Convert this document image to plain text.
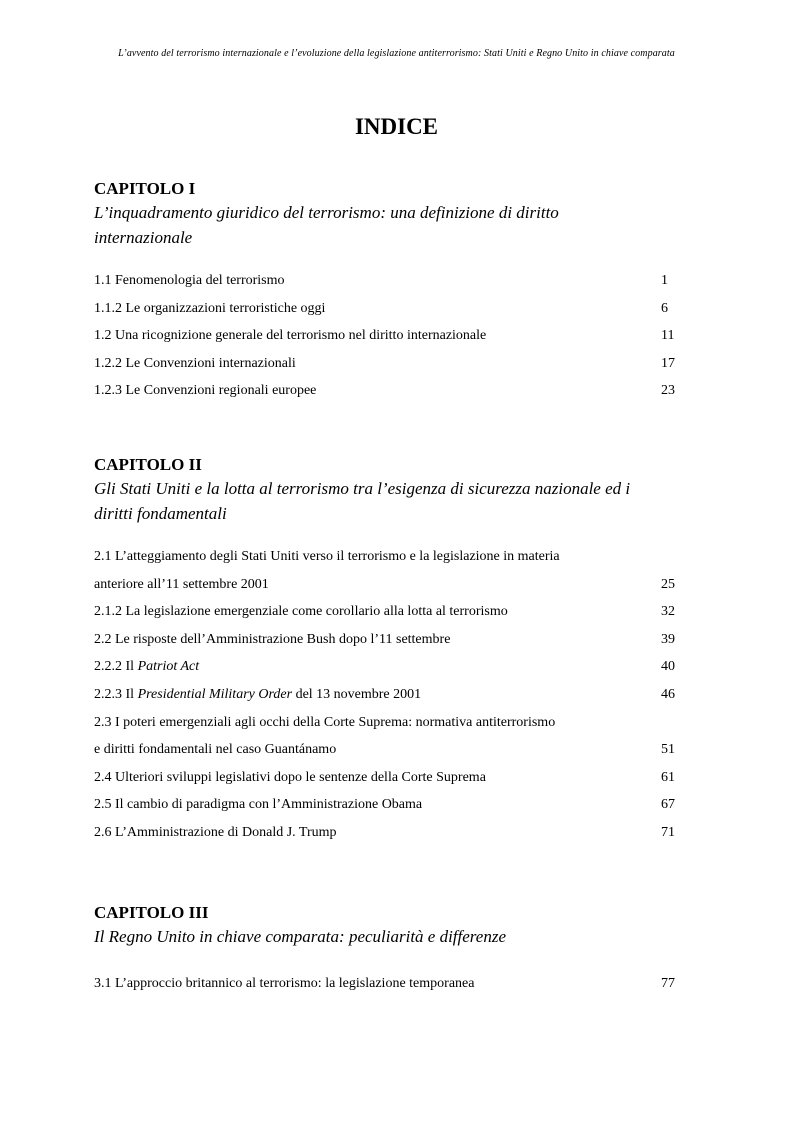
L’avvento del terrorismo internazionale e l’evoluzione della legislazione antiterrorismo: Stati Uniti e Regno Unito in chiave comparata
INDICE

CAPITOLO I

L’inquadramento giuridico del terrorismo: una definizione di diritto

internazionale

1.1 Fenomenologia del terrorismo	1
1.1.2 Le organizzazioni terroristiche oggi	6
1.2 Una ricognizione generale del terrorismo nel diritto internazionale	11
1.2.2 Le Convenzioni internazionali	17
1.2.3 Le Convenzioni regionali europee	23

CAPITOLO II

Gli Stati Uniti e la lotta al terrorismo tra l’esigenza di sicurezza nazionale ed i

diritti fondamentali

2.1 L’atteggiamento degli Stati Uniti verso il terrorismo e la legislazione in materia
anteriore all’11 settembre 2001	25
2.1.2 La legislazione emergenziale come corollario alla lotta al terrorismo	32
2.2 Le risposte dell’Amministrazione Bush dopo l’11 settembre	39
2.2.2 Il Patriot Act	40
2.2.3 Il Presidential Military Order del 13 novembre 2001	46
2.3 I poteri emergenziali agli occhi della Corte Suprema: normativa antiterrorismo
e diritti fondamentali nel caso Guantánamo	51
2.4 Ulteriori sviluppi legislativi dopo le sentenze della Corte Suprema	61
2.5 Il cambio di paradigma con l’Amministrazione Obama	67
2.6 L’Amministrazione di Donald J. Trump	71

CAPITOLO III

Il Regno Unito in chiave comparata: peculiarità e differenze

3.1 L’approccio britannico al terrorismo: la legislazione temporanea	77
